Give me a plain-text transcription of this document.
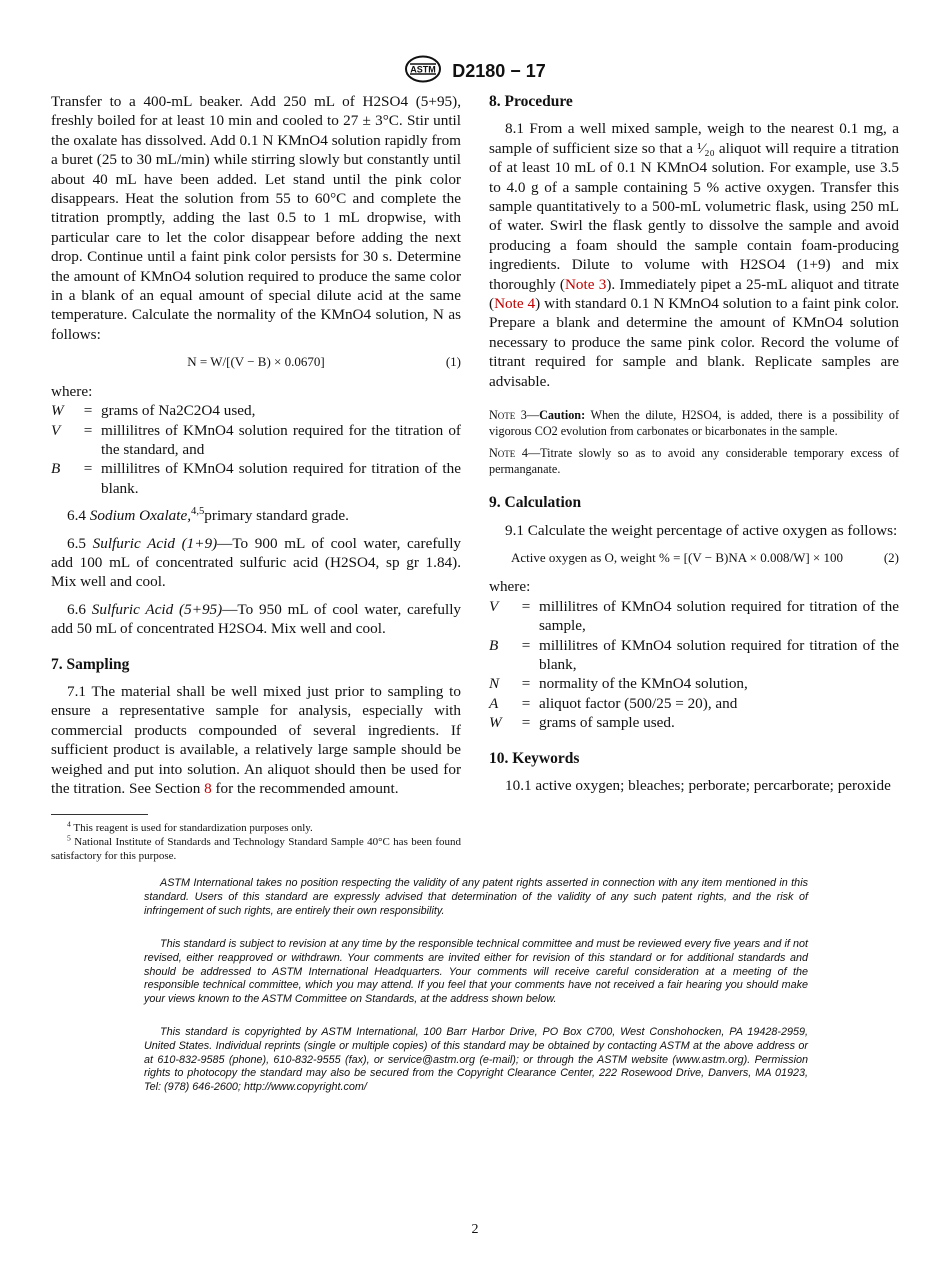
ASTM D2180 − 17

Transfer to a 400-mL beaker. Add 250 mL of H2SO4 (5+95), freshly boiled for at least 10 min and cooled to 27 ± 3°C. Stir until the oxalate has dissolved. Add 0.1 N KMnO4 solution rapidly from a buret (25 to 30 mL/min) while stirring slowly but constantly until about 40 mL have been added. Let stand until the pink color disappears. Heat the solution from 55 to 60°C and complete the titration promptly, adding the last 0.5 to 1 mL dropwise, with particular care to let the color disappear before adding the next drop. Continue until a faint pink color persists for 30 s. Determine the amount of KMnO4 solution required to produce the same color in a blank of an equal amount of special dilute acid at the same temperature. Calculate the normality of the KMnO4 solution, N as follows:

N = W/[(V − B) × 0.0670]	(1)

where:

W	= grams of Na2C2O4 used,
V	= millilitres of KMnO4 solution required for the titration of the standard, and
B	= millilitres of KMnO4 solution required for titration of the blank.

6.4 Sodium Oxalate,$^{4,5}$primary standard grade.

6.5 Sulfuric Acid (1+9)—To 900 mL of cool water, carefully add 100 mL of concentrated sulfuric acid (H2SO4, sp gr 1.84). Mix well and cool.

6.6 Sulfuric Acid (5+95)—To 950 mL of cool water, carefully add 50 mL of concentrated H2SO4. Mix well and cool.

7. Sampling

7.1 The material shall be well mixed just prior to sampling to ensure a representative sample for analysis, especially with commercial products compounded of several ingredients. If sufficient product is available, a relatively large sample should be weighed and put into solution. An aliquot should then be used for the titration. See Section 8 for the recommended amount.

$^4$ This reagent is used for standardization purposes only.

$^5$ National Institute of Standards and Technology Standard Sample 40°C has been found satisfactory for this purpose.

8. Procedure

8.1 From a well mixed sample, weigh to the nearest 0.1 mg, a sample of sufficient size so that a ¹⁄₂₀ aliquot will require a titration of at least 10 mL of 0.1 N KMnO4 solution. For example, use 3.5 to 4.0 g of a sample containing 5 % active oxygen. Transfer this sample quantitatively to a 500-mL volumetric flask, using 250 mL of water. Swirl the flask gently to dissolve the sample and avoid producing a foam should the sample contain foam-producing ingredients. Dilute to volume with H2SO4 (1+9) and mix thoroughly (Note 3). Immediately pipet a 25-mL aliquot and titrate (Note 4) with standard 0.1 N KMnO4 solution to a faint pink color. Prepare a blank and determine the amount of KMnO4 solution necessary to produce the same pink color. Record the volume of titrant required for sample and blank. Replicate samples are advisable.

Note 3—Caution: When the dilute, H2SO4, is added, there is a possibility of vigorous CO2 evolution from carbonates or bicarbonates in the sample.

Note 4—Titrate slowly so as to avoid any considerable temporary excess of permanganate.

9. Calculation

9.1 Calculate the weight percentage of active oxygen as follows:

Active oxygen as O, weight % = [(V − B)NA × 0.008/W] × 100	(2)

where:

V	= millilitres of KMnO4 solution required for titration of the sample,
B	= millilitres of KMnO4 solution required for titration of the blank,
N	= normality of the KMnO4 solution,
A	= aliquot factor (500/25 = 20), and
W	= grams of sample used.
10. Keywords

10.1 active oxygen; bleaches; perborate; percarborate; peroxide

ASTM International takes no position respecting the validity of any patent rights asserted in connection with any item mentioned in this standard. Users of this standard are expressly advised that determination of the validity of any such patent rights, and the risk of infringement of such rights, are entirely their own responsibility.

This standard is subject to revision at any time by the responsible technical committee and must be reviewed every five years and if not revised, either reapproved or withdrawn. Your comments are invited either for revision of this standard or for additional standards and should be addressed to ASTM International Headquarters. Your comments will receive careful consideration at a meeting of the responsible technical committee, which you may attend. If you feel that your comments have not received a fair hearing you should make your views known to the ASTM Committee on Standards, at the address shown below.

This standard is copyrighted by ASTM International, 100 Barr Harbor Drive, PO Box C700, West Conshohocken, PA 19428-2959, United States. Individual reprints (single or multiple copies) of this standard may be obtained by contacting ASTM at the above address or at 610-832-9585 (phone), 610-832-9555 (fax), or service@astm.org (e-mail); or through the ASTM website (www.astm.org). Permission rights to photocopy the standard may also be secured from the Copyright Clearance Center, 222 Rosewood Drive, Danvers, MA 01923, Tel: (978) 646-2600; http://www.copyright.com/

2
